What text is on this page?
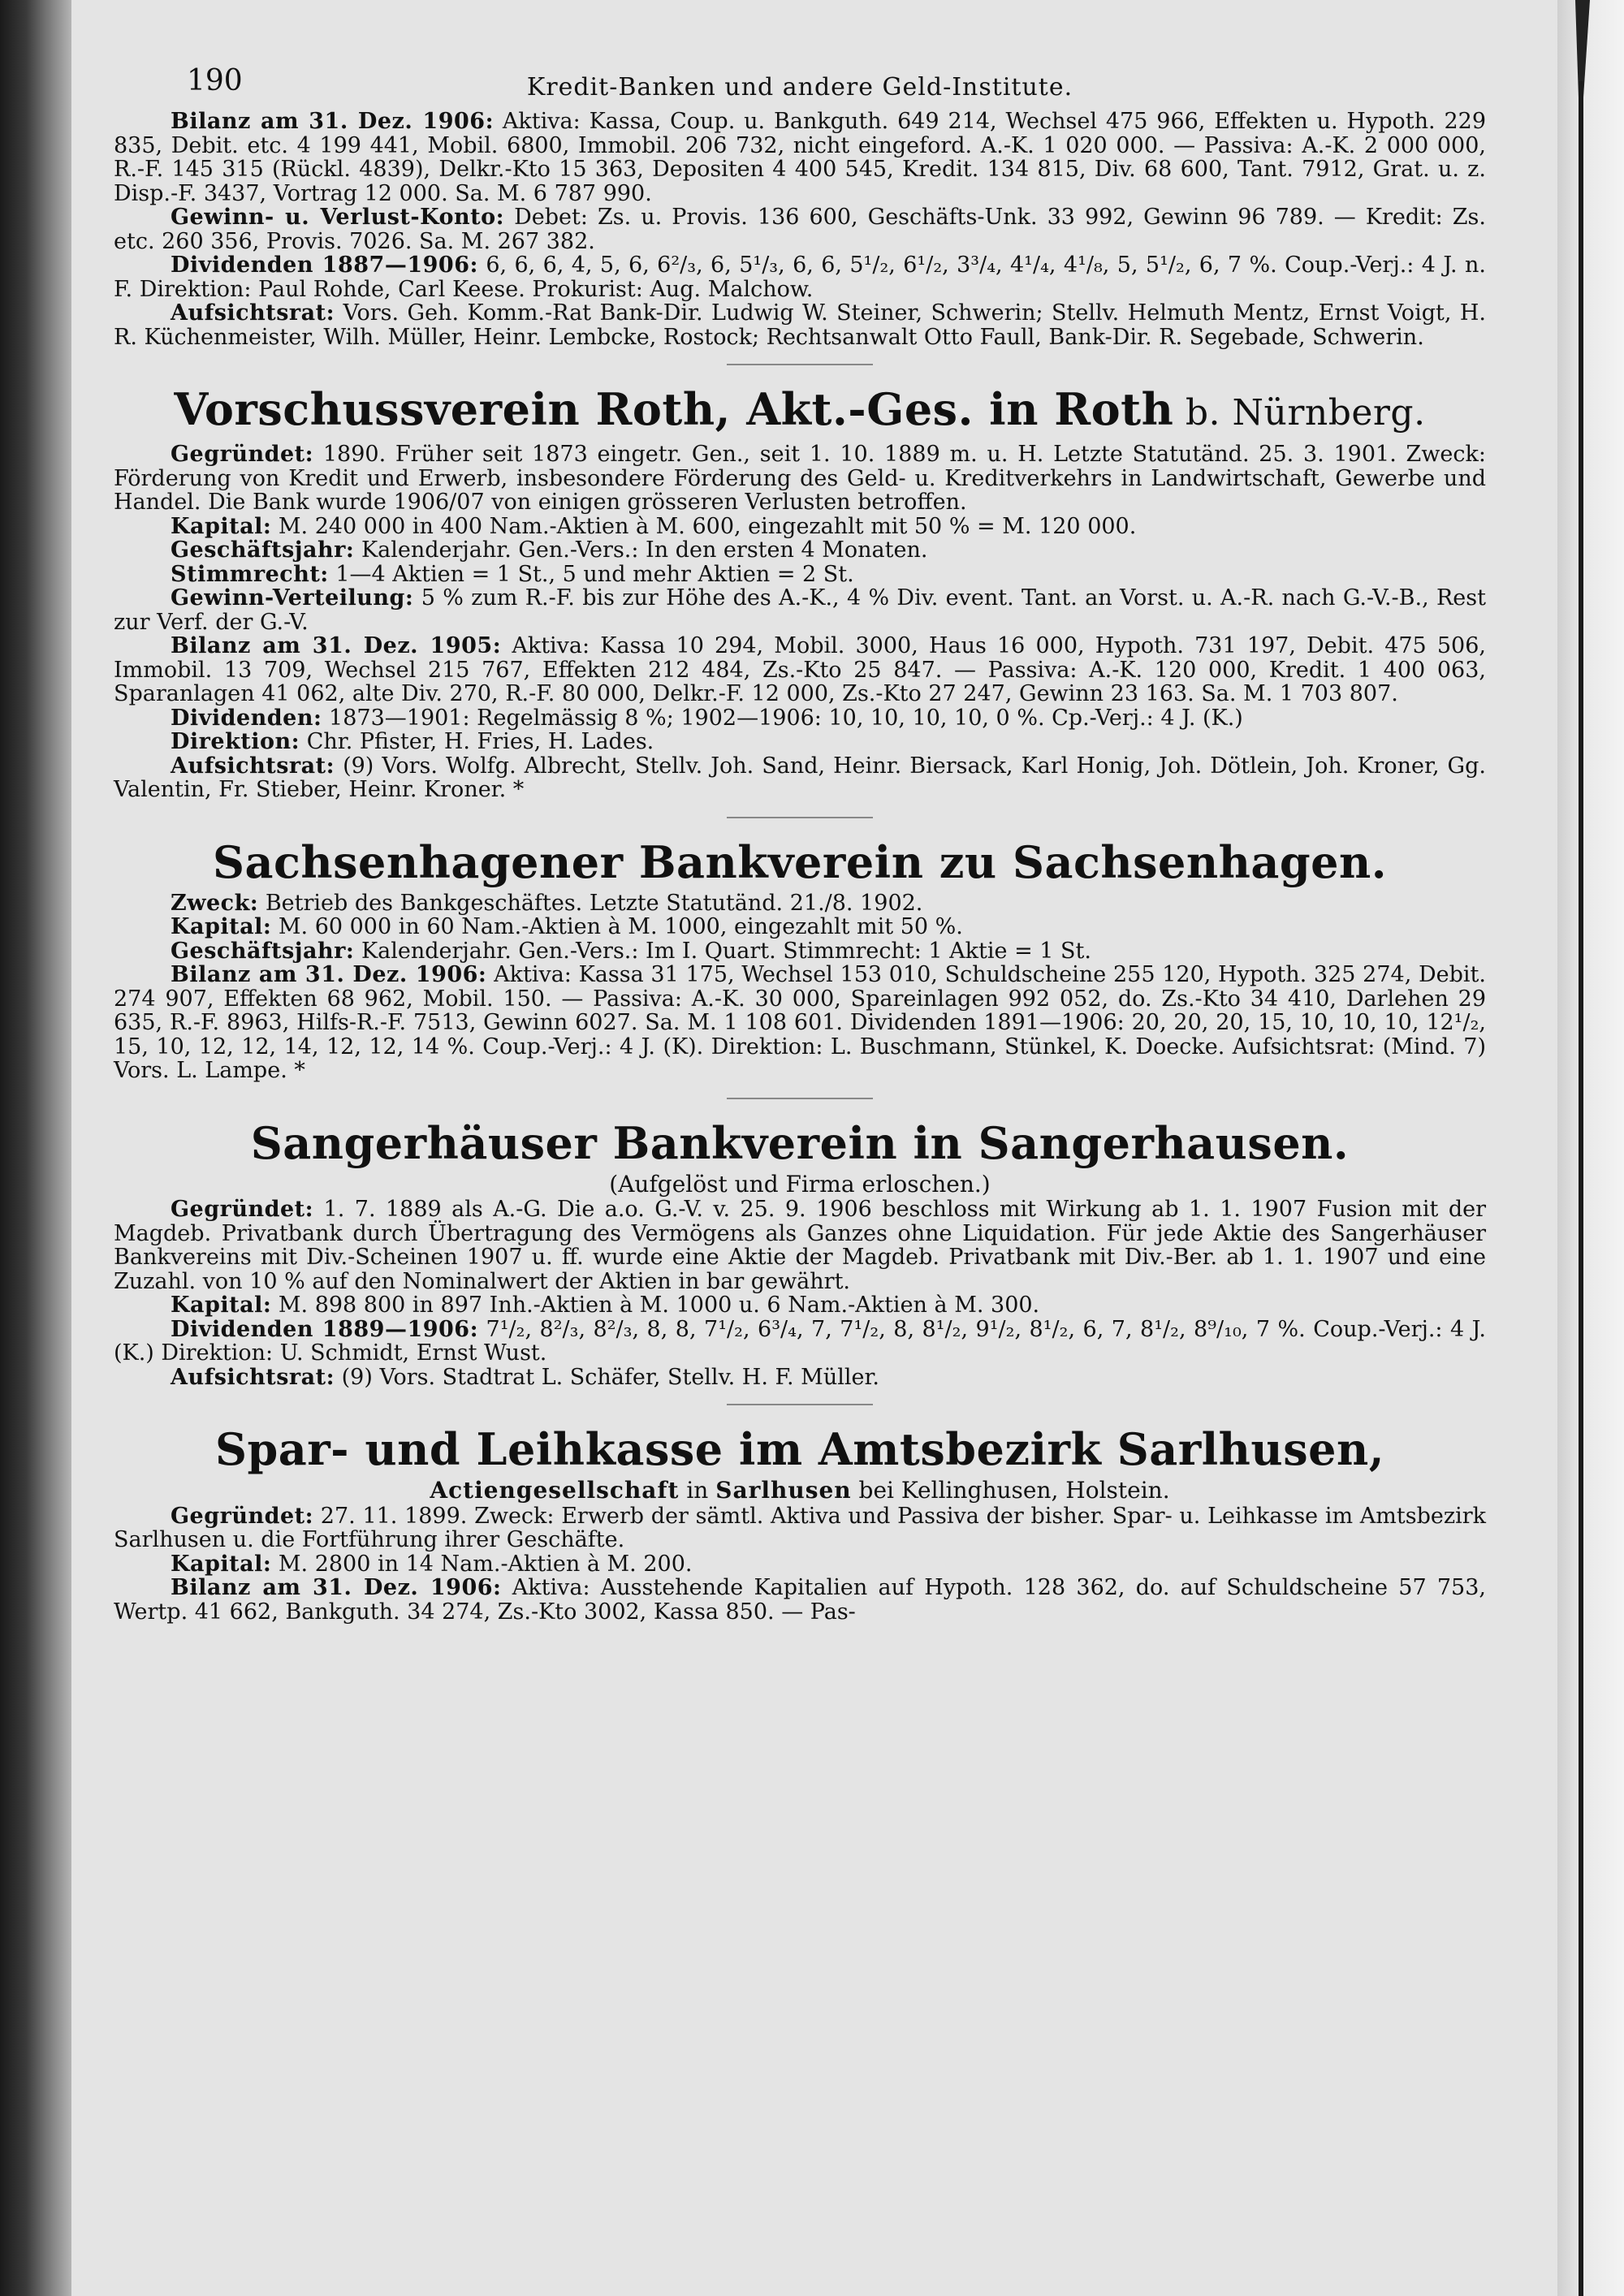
190	Kredit-Banken und andere Geld-Institute.

Bilanz am 31. Dez. 1906: Aktiva: Kassa, Coup. u. Bankguth. 649 214, Wechsel 475 966, Effekten u. Hypoth. 229 835, Debit. etc. 4 199 441, Mobil. 6800, Immobil. 206 732, nicht eingeford. A.-K. 1 020 000. — Passiva: A.-K. 2 000 000, R.-F. 145 315 (Rückl. 4839), Delkr.-Kto 15 363, Depositen 4 400 545, Kredit. 134 815, Div. 68 600, Tant. 7912, Grat. u. z. Disp.-F. 3437, Vortrag 12 000. Sa. M. 6 787 990.

Gewinn- u. Verlust-Konto: Debet: Zs. u. Provis. 136 600, Geschäfts-Unk. 33 992, Gewinn 96 789. — Kredit: Zs. etc. 260 356, Provis. 7026. Sa. M. 267 382.

Dividenden 1887—1906: 6, 6, 6, 4, 5, 6, 6²/₃, 6, 5¹/₃, 6, 6, 5¹/₂, 6¹/₂, 3³/₄, 4¹/₄, 4¹/₈, 5, 5¹/₂, 6, 7 %. Coup.-Verj.: 4 J. n. F. Direktion: Paul Rohde, Carl Keese. Prokurist: Aug. Malchow.

Aufsichtsrat: Vors. Geh. Komm.-Rat Bank-Dir. Ludwig W. Steiner, Schwerin; Stellv. Helmuth Mentz, Ernst Voigt, H. R. Küchenmeister, Wilh. Müller, Heinr. Lembcke, Rostock; Rechtsanwalt Otto Faull, Bank-Dir. R. Segebade, Schwerin.

Vorschussverein Roth, Akt.-Ges. in Roth b. Nürnberg.

Gegründet: 1890. Früher seit 1873 eingetr. Gen., seit 1. 10. 1889 m. u. H. Letzte Statutänd. 25. 3. 1901. Zweck: Förderung von Kredit und Erwerb, insbesondere Förderung des Geld- u. Kreditverkehrs in Landwirtschaft, Gewerbe und Handel. Die Bank wurde 1906/07 von einigen grösseren Verlusten betroffen.

Kapital: M. 240 000 in 400 Nam.-Aktien à M. 600, eingezahlt mit 50 % = M. 120 000.

Geschäftsjahr: Kalenderjahr. Gen.-Vers.: In den ersten 4 Monaten.

Stimmrecht: 1—4 Aktien = 1 St., 5 und mehr Aktien = 2 St.

Gewinn-Verteilung: 5 % zum R.-F. bis zur Höhe des A.-K., 4 % Div. event. Tant. an Vorst. u. A.-R. nach G.-V.-B., Rest zur Verf. der G.-V.

Bilanz am 31. Dez. 1905: Aktiva: Kassa 10 294, Mobil. 3000, Haus 16 000, Hypoth. 731 197, Debit. 475 506, Immobil. 13 709, Wechsel 215 767, Effekten 212 484, Zs.-Kto 25 847. — Passiva: A.-K. 120 000, Kredit. 1 400 063, Sparanlagen 41 062, alte Div. 270, R.-F. 80 000, Delkr.-F. 12 000, Zs.-Kto 27 247, Gewinn 23 163. Sa. M. 1 703 807.

Dividenden: 1873—1901: Regelmässig 8 %; 1902—1906: 10, 10, 10, 10, 0 %. Cp.-Verj.: 4 J. (K.)

Direktion: Chr. Pfister, H. Fries, H. Lades.

Aufsichtsrat: (9) Vors. Wolfg. Albrecht, Stellv. Joh. Sand, Heinr. Biersack, Karl Honig, Joh. Dötlein, Joh. Kroner, Gg. Valentin, Fr. Stieber, Heinr. Kroner. *

Sachsenhagener Bankverein zu Sachsenhagen.

Zweck: Betrieb des Bankgeschäftes. Letzte Statutänd. 21./8. 1902.

Kapital: M. 60 000 in 60 Nam.-Aktien à M. 1000, eingezahlt mit 50 %.

Geschäftsjahr: Kalenderjahr. Gen.-Vers.: Im I. Quart. Stimmrecht: 1 Aktie = 1 St.

Bilanz am 31. Dez. 1906: Aktiva: Kassa 31 175, Wechsel 153 010, Schuldscheine 255 120, Hypoth. 325 274, Debit. 274 907, Effekten 68 962, Mobil. 150. — Passiva: A.-K. 30 000, Spareinlagen 992 052, do. Zs.-Kto 34 410, Darlehen 29 635, R.-F. 8963, Hilfs-R.-F. 7513, Gewinn 6027. Sa. M. 1 108 601. Dividenden 1891—1906: 20, 20, 20, 15, 10, 10, 10, 12¹/₂, 15, 10, 12, 12, 14, 12, 12, 14 %. Coup.-Verj.: 4 J. (K). Direktion: L. Buschmann, Stünkel, K. Doecke. Aufsichtsrat: (Mind. 7) Vors. L. Lampe. *

Sangerhäuser Bankverein in Sangerhausen.

(Aufgelöst und Firma erloschen.)

Gegründet: 1. 7. 1889 als A.-G. Die a.o. G.-V. v. 25. 9. 1906 beschloss mit Wirkung ab 1. 1. 1907 Fusion mit der Magdeb. Privatbank durch Übertragung des Vermögens als Ganzes ohne Liquidation. Für jede Aktie des Sangerhäuser Bankvereins mit Div.-Scheinen 1907 u. ff. wurde eine Aktie der Magdeb. Privatbank mit Div.-Ber. ab 1. 1. 1907 und eine Zuzahl. von 10 % auf den Nominalwert der Aktien in bar gewährt.

Kapital: M. 898 800 in 897 Inh.-Aktien à M. 1000 u. 6 Nam.-Aktien à M. 300.

Dividenden 1889—1906: 7¹/₂, 8²/₃, 8²/₃, 8, 8, 7¹/₂, 6³/₄, 7, 7¹/₂, 8, 8¹/₂, 9¹/₂, 8¹/₂, 6, 7, 8¹/₂, 8⁹/₁₀, 7 %. Coup.-Verj.: 4 J. (K.) Direktion: U. Schmidt, Ernst Wust.

Aufsichtsrat: (9) Vors. Stadtrat L. Schäfer, Stellv. H. F. Müller.

Spar- und Leihkasse im Amtsbezirk Sarlhusen,

Actiengesellschaft in Sarlhusen bei Kellinghusen, Holstein.

Gegründet: 27. 11. 1899. Zweck: Erwerb der sämtl. Aktiva und Passiva der bisher. Spar- u. Leihkasse im Amtsbezirk Sarlhusen u. die Fortführung ihrer Geschäfte.

Kapital: M. 2800 in 14 Nam.-Aktien à M. 200.

Bilanz am 31. Dez. 1906: Aktiva: Ausstehende Kapitalien auf Hypoth. 128 362, do. auf Schuldscheine 57 753, Wertp. 41 662, Bankguth. 34 274, Zs.-Kto 3002, Kassa 850. — Pas-
